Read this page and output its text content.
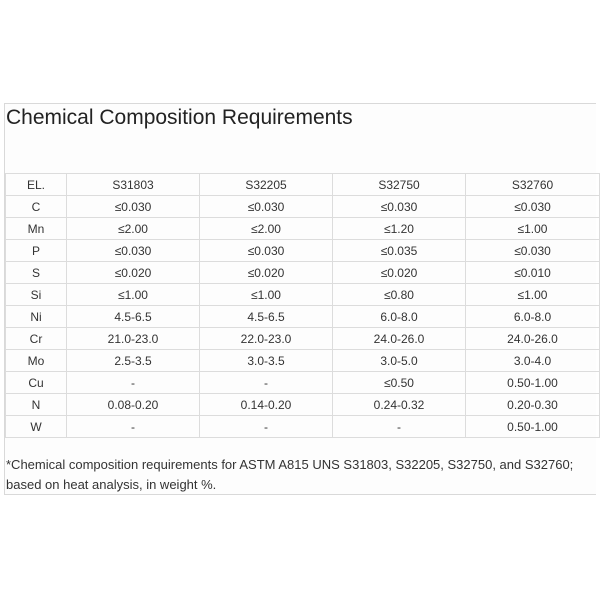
Chemical Composition Requirements
EL.	S31803	S32205	S32750	S32760
C	≤0.030	≤0.030	≤0.030	≤0.030
Mn	≤2.00	≤2.00	≤1.20	≤1.00
P	≤0.030	≤0.030	≤0.035	≤0.030
S	≤0.020	≤0.020	≤0.020	≤0.010
Si	≤1.00	≤1.00	≤0.80	≤1.00
Ni	4.5-6.5	4.5-6.5	6.0-8.0	6.0-8.0
Cr	21.0-23.0	22.0-23.0	24.0-26.0	24.0-26.0
Mo	2.5-3.5	3.0-3.5	3.0-5.0	3.0-4.0
Cu	-	-	≤0.50	0.50-1.00
N	0.08-0.20	0.14-0.20	0.24-0.32	0.20-0.30
W	-	-	-	0.50-1.00
*Chemical composition requirements for ASTM A815 UNS S31803, S32205, S32750, and S32760; based on heat analysis, in weight %.
